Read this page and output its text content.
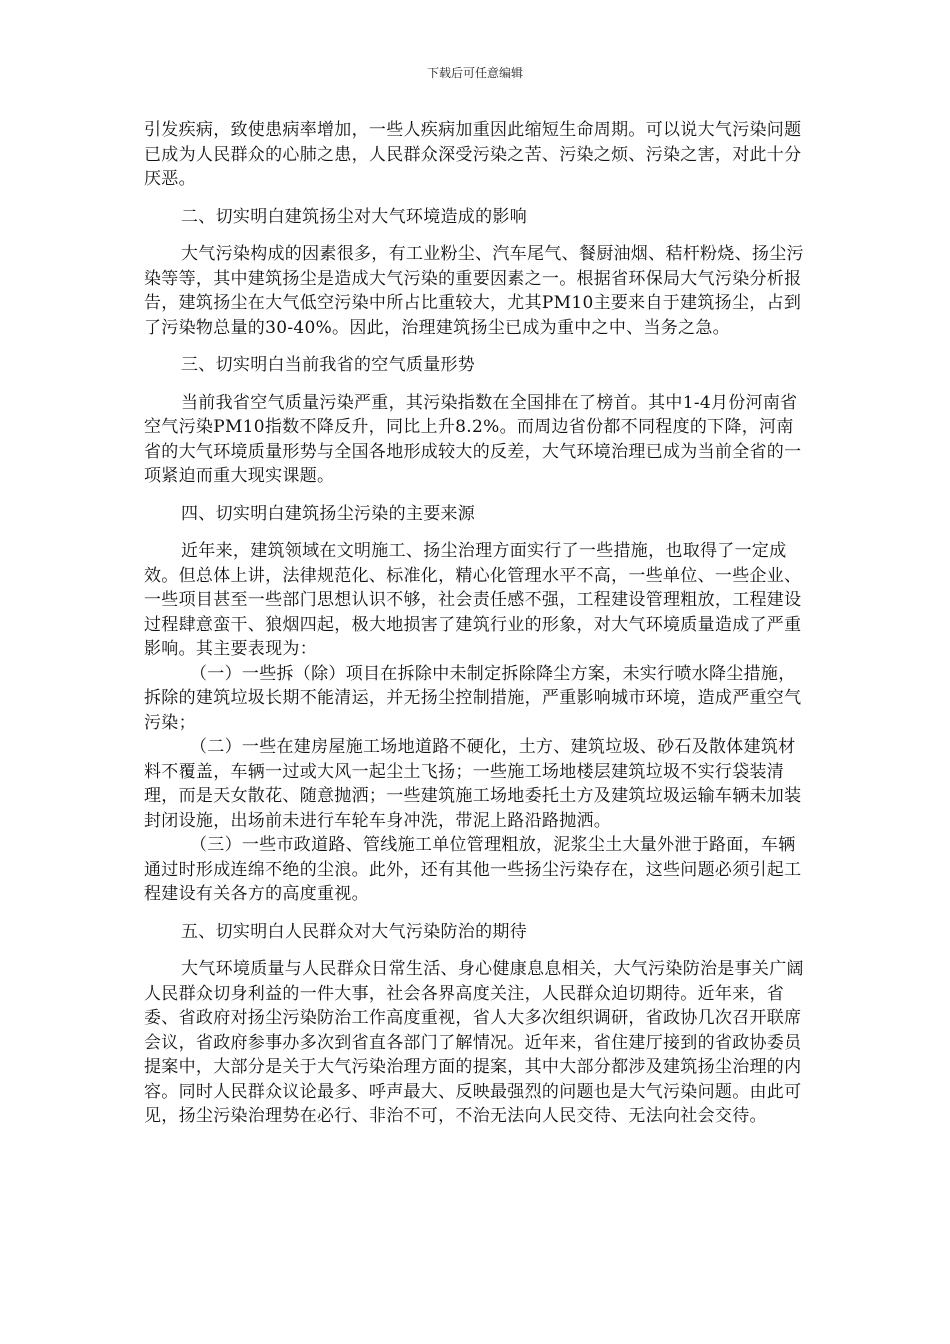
下载后可任意编辑

引发疾病，致使患病率增加，一些人疾病加重因此缩短生命周期。可以说大气污染问题已成为人民群众的心肺之患，人民群众深受污染之苦、污染之烦、污染之害，对此十分厌恶。

二、切实明白建筑扬尘对大气环境造成的影响

大气污染构成的因素很多，有工业粉尘、汽车尾气、餐厨油烟、秸杆粉烧、扬尘污染等等，其中建筑扬尘是造成大气污染的重要因素之一。根据省环保局大气污染分析报告，建筑扬尘在大气低空污染中所占比重较大，尤其PM10主要来自于建筑扬尘，占到了污染物总量的30-40%。因此，治理建筑扬尘已成为重中之中、当务之急。

三、切实明白当前我省的空气质量形势

当前我省空气质量污染严重，其污染指数在全国排在了榜首。其中1-4月份河南省空气污染PM10指数不降反升，同比上升8.2%。而周边省份都不同程度的下降，河南省的大气环境质量形势与全国各地形成较大的反差，大气环境治理已成为当前全省的一项紧迫而重大现实课题。

四、切实明白建筑扬尘污染的主要来源

近年来，建筑领域在文明施工、扬尘治理方面实行了一些措施，也取得了一定成效。但总体上讲，法律规范化、标准化，精心化管理水平不高，一些单位、一些企业、一些项目甚至一些部门思想认识不够，社会责任感不强，工程建设管理粗放，工程建设过程肆意蛮干、狼烟四起，极大地损害了建筑行业的形象，对大气环境质量造成了严重影响。其主要表现为：

（一）一些拆（除）项目在拆除中未制定拆除降尘方案，未实行喷水降尘措施，拆除的建筑垃圾长期不能清运，并无扬尘控制措施，严重影响城市环境，造成严重空气污染；

（二）一些在建房屋施工场地道路不硬化，土方、建筑垃圾、砂石及散体建筑材料不覆盖，车辆一过或大风一起尘土飞扬；一些施工场地楼层建筑垃圾不实行袋装清理，而是天女散花、随意抛洒；一些建筑施工场地委托土方及建筑垃圾运输车辆未加装封闭设施，出场前未进行车轮车身冲洗，带泥上路沿路抛洒。

（三）一些市政道路、管线施工单位管理粗放，泥浆尘土大量外泄于路面，车辆通过时形成连绵不绝的尘浪。此外，还有其他一些扬尘污染存在，这些问题必须引起工程建设有关各方的高度重视。

五、切实明白人民群众对大气污染防治的期待

大气环境质量与人民群众日常生活、身心健康息息相关，大气污染防治是事关广阔人民群众切身利益的一件大事，社会各界高度关注，人民群众迫切期待。近年来，省委、省政府对扬尘污染防治工作高度重视，省人大多次组织调研，省政协几次召开联席会议，省政府参事办多次到省直各部门了解情况。近年来，省住建厅接到的省政协委员提案中，大部分是关于大气污染治理方面的提案，其中大部分都涉及建筑扬尘治理的内容。同时人民群众议论最多、呼声最大、反映最强烈的问题也是大气污染问题。由此可见，扬尘污染治理势在必行、非治不可，不治无法向人民交待、无法向社会交待。
